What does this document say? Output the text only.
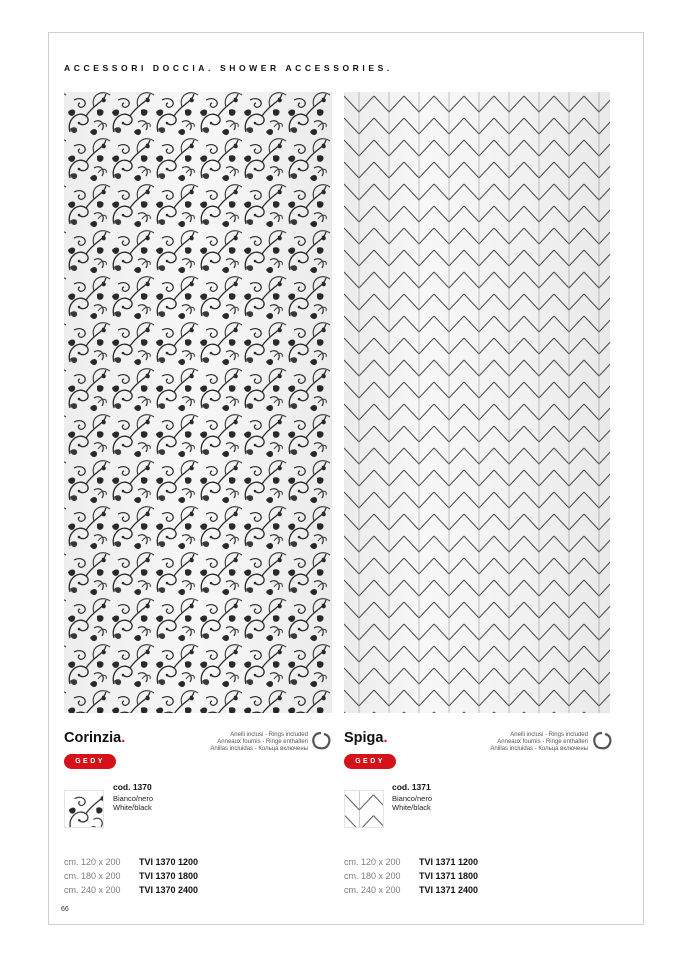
ACCESSORI DOCCIA. SHOWER ACCESSORIES.
Corinzia.	Anelli inclusi - Rings included
Anneaux fournis - Ringe enthalten
Anillas incluidas - Кольца включены
GEDY
cod. 1370
Bianco/nero
White/black
cm. 120 x 200 TVI 1370 1200
cm. 180 x 200 TVI 1370 1800
cm. 240 x 200 TVI 1370 2400
Spiga.	Anelli inclusi - Rings included
Anneaux fournis - Ringe enthalten
Anillas incluidas - Кольца включены
GEDY
cod. 1371
Bianco/nero
White/black
cm. 120 x 200 TVI 1371 1200
cm. 180 x 200 TVI 1371 1800
cm. 240 x 200 TVI 1371 2400
66
